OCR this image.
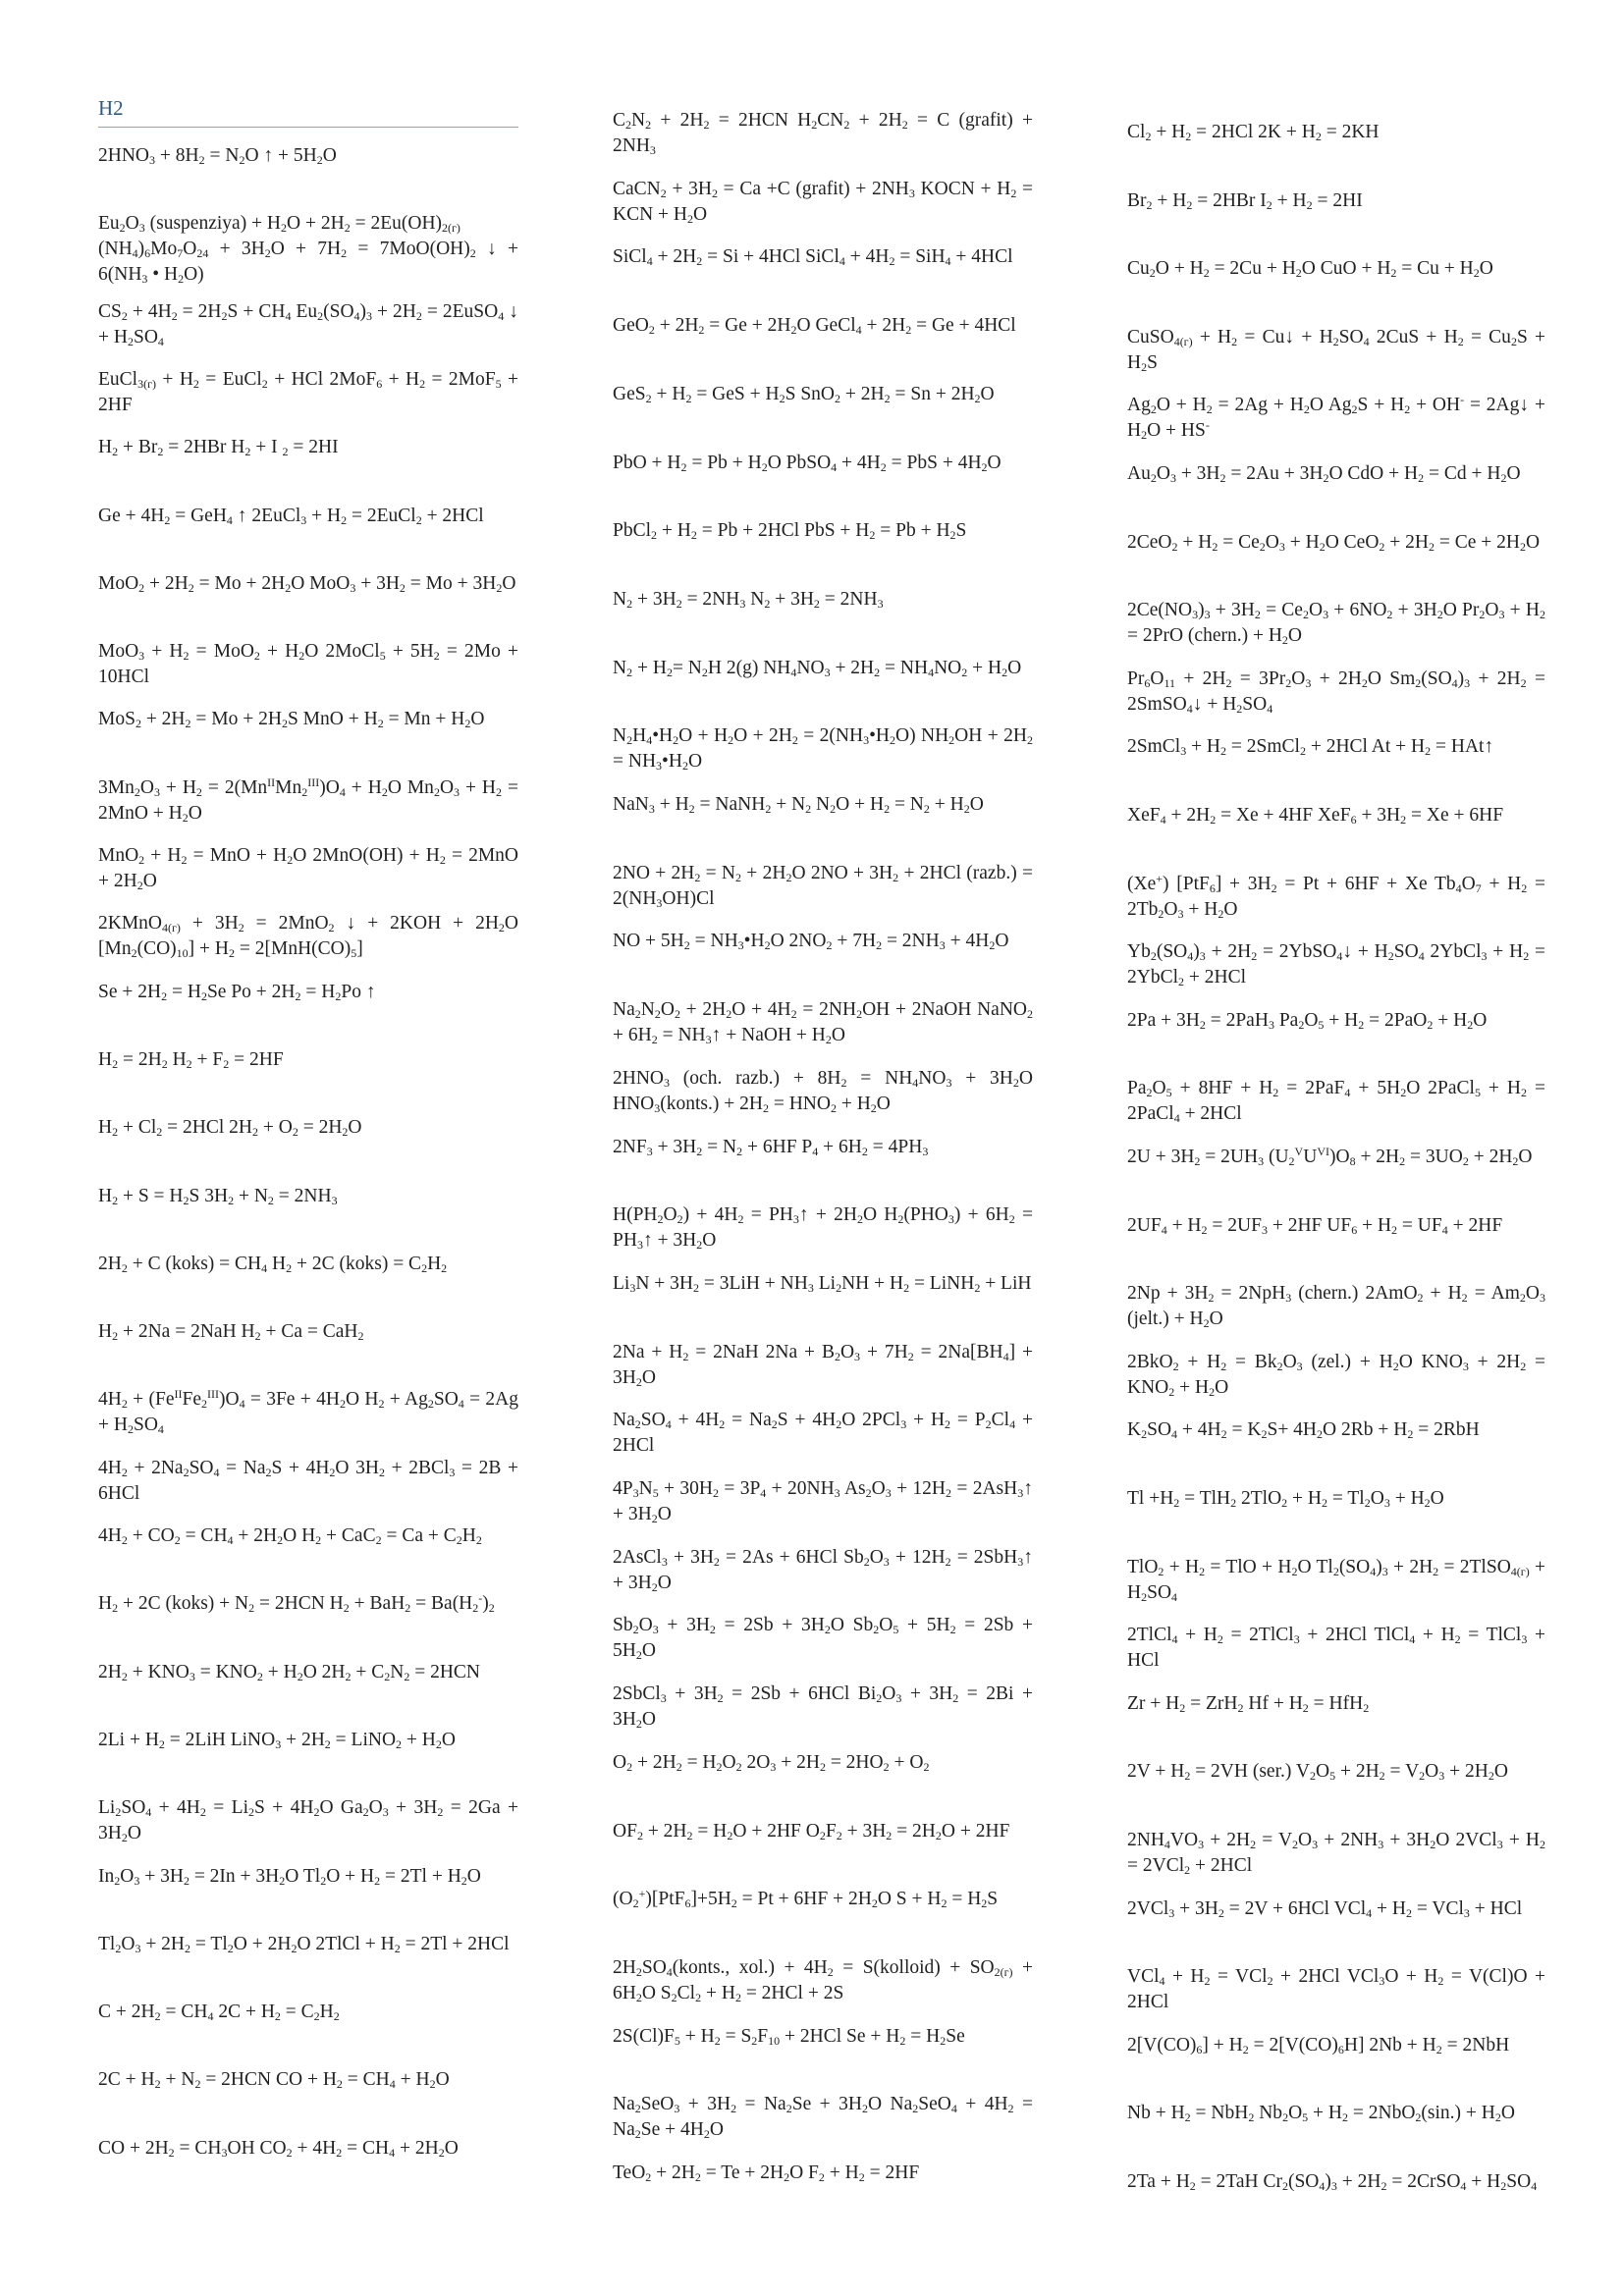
H2
$2HNO_3 + 8H_2 = N_2O$ ↑ + $5H_2O$
$Eu_2O_3$ (suspenziya) + $H_2O + 2H_2 = 2Eu(OH)_{2(г)}$
$(NH_4)_6Mo_7O_{24} + 3H_2O + 7H_2 = 7MoO(OH)_2$ ↓ + $6(NH_3$ • $H_2O$)
$CS_2 + 4H_2 = 2H_2S + CH_4$ $Eu_2(SO_4)_3 + 2H_2$ = 2EuSO$_4$ ↓ + $H_2SO_4$
EuCl$_{3(г)}$ + $H_2$ = EuCl$_2$ + HCl $2MoF_6 + H_2 = 2MoF_5 + 2HF$
$H_2 + Br_2 = 2HBr$ $H_2 + I$ $_2$ = 2HI
$Ge + 4H_2 = GeH_4$ ↑ 2EuCl$_3$ + $H_2$ = 2EuCl$_2$ + 2HCl
$MoO_2 + 2H_2 = Mo + 2H_2O$ $MoO_3 + 3H_2 = Mo + 3H_2O$
$MoO_3 + H_2 = MoO_2 + H_2O$ 2MoCl$_5$ + $5H_2 = 2Mo + 10HCl$
$MoS_2 + 2H_2 = Mo + 2H_2S$ MnO + $H_2 = Mn + H_2O$
$3Mn_2O_3 + H_2 = 2(Mn^{II}Mn_2^{III})O_4 + H_2O$ $Mn_2O_3 + H_2 = 2MnO + H_2O$
$MnO_2 + H_2$ = MnO + $H_2O$ $2MnO(OH) + H_2 = 2MnO + 2H_2O$
2KMnO$_{4(г)}$ + $3H_2 = 2MnO_2$ ↓ + $2KOH + 2H_2O$ $[Mn_2(CO)_{10}] + H_2 = 2[MnH(CO)_5]$
$Se + 2H_2 = H_2Se$ $Po + 2H_2 = H_2Po$ ↑
$H_2 = 2H_2$ $H_2 + F_2 = 2HF$
$H_2 + Cl_2 = 2HCl$ $2H_2 + O_2 = 2H_2O$
$H_2 + S = H_2S$ $3H_2 + N_2 = 2NH_3$
$2H_2 + C$ (koks) = $CH_4$ $H_2 + 2C$ (koks) = $C_2H_2$
$H_2 + 2Na = 2NaH$ $H_2 + Ca = CaH_2$
$4H_2 + (Fe^{II}Fe_2^{III})O_4 = 3Fe + 4H_2O$ $H_2 + Ag_2SO_4 = 2Ag + H_2SO_4$
$4H_2 + 2Na_2SO_4 = Na_2S + 4H_2O$ $3H_2 + 2BCl_3 = 2B + 6HCl$
$4H_2 + CO_2 = CH_4 + 2H_2O$ $H_2 + CaC_2 = Ca + C_2H_2$
$H_2 + 2C$ (koks) + $N_2 = 2HCN$ $H_2 + BaH_2 = Ba(H_2^-)_2$
$2H_2 + KNO_3 = KNO_2 + H_2O$ $2H_2 + C_2N_2 = 2HCN$
$2Li + H_2 = 2LiH$ LiNO$_3$ + $2H_2$ = LiNO$_2$ + $H_2O$
$Li_2SO_4 + 4H_2 = Li_2S + 4H_2O$ $Ga_2O_3 + 3H_2 = 2Ga + 3H_2O$
$In_2O_3 + 3H_2 = 2In + 3H_2O$ $Tl_2O + H_2 = 2Tl + H_2O$
$Tl_2O_3 + 2H_2 = Tl_2O + 2H_2O$ 2TlCl + $H_2 = 2Tl + 2HCl$
$C + 2H_2 = CH_4$ $2C + H_2 = C_2H_2$
$2C + H_2 + N_2 = 2HCN$ CO + $H_2 = CH_4 + H_2O$
CO + $2H_2 = CH_3OH$ $CO_2 + 4H_2 = CH_4 + 2H_2O$
$C_2N_2 + 2H_2 = 2HCN$ $H_2CN_2 + 2H_2 = C$ (grafit) + $2NH_3$
CaCN$_2$ + $3H_2 = Ca +C$ (grafit) + $2NH_3$ KOCN + $H_2$ = KCN + $H_2O$
SiCl$_4$ + $2H_2 = Si + 4HCl$ SiCl$_4$ + $4H_2 = SiH_4 + 4HCl$
$GeO_2 + 2H_2 = Ge + 2H_2O$ GeCl$_4$ + $2H_2 = Ge + 4HCl$
$GeS_2 + H_2$ = GeS + $H_2S$ $SnO_2 + 2H_2 = Sn + 2H_2O$
PbO + $H_2 = Pb + H_2O$ PbSO$_4$ + $4H_2$ = PbS + $4H_2O$
PbCl$_2$ + $H_2 = Pb + 2HCl$ PbS + $H_2 = Pb + H_2S$
$N_2 + 3H_2 = 2NH_3$ $N_2 + 3H_2 = 2NH_3$
$N_2 + H_2= N_2H$ 2(g) $NH_4NO_3 + 2H_2 = NH_4NO_2 + H_2O$
$N_2H_4•H_2O + H_2O + 2H_2$ = $2(NH_3•H_2O) NH_2OH + 2H_2$ = $NH_3•H_2O$
$NaN_3 + H_2$ = NaNH$_2$ + $N_2$ $N_2O + H_2 = N_2 + H_2O$
$2NO + 2H_2 = N_2 + 2H_2O$ $2NO + 3H_2 + 2HCl$ (razb.) = $2(NH_3OH)Cl$
NO + $5H_2$ = $NH_3•H_2O$ $2NO_2 + 7H_2 = 2NH_3 + 4H_2O$
$Na_2N_2O_2 + 2H_2O + 4H_2 = 2NH_2OH$ + 2NaOH NaNO$_2$ + $6H_2$ = $NH_3↑$ + NaOH + $H_2O$
$2HNO_3$ (och. razb.) + $8H_2 = NH_4NO_3 + 3H_2O$ $HNO_3(konts.) + 2H_2 = HNO_2 + H_2O$
$2NF_3 + 3H_2 = N_2 + 6HF$ $P_4 + 6H_2 = 4PH_3$
$H(PH_2O_2) + 4H_2$ = $PH_3↑ + 2H_2O$ $H_2(PHO_3) + 6H_2$ = $PH_3↑ + 3H_2O$
$Li_3N + 3H_2 = 3LiH + NH_3$ $Li_2NH + H_2$ = LiNH$_2$ + LiH
$2Na + H_2 = 2NaH$ $2Na + B_2O_3 + 7H_2 = 2Na[BH_4] + 3H_2O$
$Na_2SO_4 + 4H_2 = Na_2S + 4H_2O$ $2PCl_3 + H_2 = P_2Cl_4 + 2HCl$
$4P_3N_5 + 30H_2 = 3P_4 + 20NH_3$ $As_2O_3 + 12H_2$ = 2AsH$_3$↑ + $3H_2O$
2AsCl$_3$ + $3H_2 = 2As + 6HCl$ $Sb_2O_3 + 12H_2$ = 2SbH$_3$↑ + $3H_2O$
$Sb_2O_3 + 3H_2 = 2Sb + 3H_2O$ $Sb_2O_5 + 5H_2 = 2Sb + 5H_2O$
2SbCl$_3$ + $3H_2 = 2Sb + 6HCl$ $Bi_2O_3 + 3H_2 = 2Bi + 3H_2O$
$O_2 + 2H_2 = H_2O_2$ $2O_3 + 2H_2 = 2HO_2 + O_2$
$OF_2 + 2H_2 = H_2O + 2HF$ $O_2F_2 + 3H_2 = 2H_2O + 2HF$
$(O_2^+)[PtF_6]+5H_2 = Pt + 6HF + 2H_2O$ $S + H_2 = H_2S$
$2H_2SO_4(konts$., $xol.) + 4H_2$ = S(kolloid) + $SO_{2(г)} + 6H_2O$ $S_2Cl_2 + H_2 = 2HCl + 2S$
$2S(Cl)F_5 + H_2 = S_2F_{10} + 2HCl$ $Se + H_2 = H_2Se$
$Na_2SeO_3 + 3H_2 = Na_2Se + 3H_2O$ $Na_2SeO_4 + 4H_2 = Na_2Se + 4H_2O$
$TeO_2 + 2H_2 = Te + 2H_2O$ $F_2 + H_2 = 2HF$
$Cl_2 + H_2 = 2HCl$ $2K + H_2 = 2KH$
$Br_2 + H_2 = 2HBr$ $I_2 + H_2 = 2HI$
$Cu_2O + H_2 = 2Cu + H_2O$ CuO + $H_2 = Cu + H_2O$
CuSO$_{4(г)}$ + $H_2$ = Cu↓ + $H_2SO_4$ $2CuS + H_2 = Cu_2S + H_2S$
$Ag_2O + H_2 = 2Ag + H_2O$ $Ag_2S + H_2 + OH^-$ = 2Ag↓ + $H_2O + HS^-$
$Au_2O_3 + 3H_2 = 2Au + 3H_2O$ CdO + $H_2 = Cd + H_2O$
$2CeO_2 + H_2 = Ce_2O_3 + H_2O$ $CeO_2 + 2H_2 = Ce + 2H_2O$
$2Ce(NO_3)_3 + 3H_2 = Ce_2O_3 + 6NO_2 + 3H_2O$ $Pr_2O_3 + H_2 = 2PrO$ (chern.) + $H_2O$
$Pr_6O_{11} + 2H_2 = 3Pr_2O_3 + 2H_2O$ $Sm_2(SO_4)_3 + 2H_2$ = 2SmSO$_4$↓ + $H_2SO_4$
2SmCl$_3$ + $H_2$ = 2SmCl$_2$ + 2HCl $At + H_2$ = HAt↑
$XeF_4 + 2H_2 = Xe + 4HF$ $XeF_6 + 3H_2 = Xe + 6HF$
(Xe+) $[PtF_6] + 3H_2 = Pt + 6HF + Xe$ $Tb_4O_7 + H_2 = 2Tb_2O_3 + H_2O$
$Yb_2(SO_4)_3 + 2H_2$ = 2YbSO$_4$↓ + $H_2SO_4$ 2YbCl$_3$ + $H_2$ = 2YbCl$_2$ + 2HCl
$2Pa + 3H_2 = 2PaH_3$ $Pa_2O_5 + H_2 = 2PaO_2 + H_2O$
$Pa_2O_5 + 8HF + H_2 = 2PaF_4 + 5H_2O$ 2PaCl$_5$ + $H_2$ = 2PaCl$_4$ + 2HCl
$2U + 3H_2 = 2UH_3$ $(U_2^VU^{VI})O_8 + 2H_2 = 3UO_2 + 2H_2O$
$2UF_4 + H_2 = 2UF_3 + 2HF$ $UF_6 + H_2 = UF_4 + 2HF$
$2Np + 3H_2 = 2NpH_3$ (chern.) $2AmO_2 + H_2 = Am_2O_3$ (jelt.) + $H_2O$
$2BkO_2 + H_2 = Bk_2O_3$ $(zel.) + H_2O$ $KNO_3 + 2H_2 = KNO_2 + H_2O$
$K_2SO_4 + 4H_2 = K_2S+ 4H_2O$ $2Rb + H_2 = 2RbH$
$Tl +H_2 = TlH_2$ $2TlO_2 + H_2 = Tl_2O_3 + H_2O$
$TlO_2 + H_2$ = TlO + $H_2O$ $Tl_2(SO_4)_3 + 2H_2$ = 2TlSO$_{4(г)}$ + $H_2SO_4$
2TlCl$_4$ + $H_2$ = 2TlCl$_3$ + 2HCl TlCl$_4$ + $H_2$ = TlCl$_3$ + HCl
$Zr + H_2 = ZrH_2$ $Hf + H_2 = HfH_2$
$2V + H_2 = 2VH$ (ser.) $V_2O_5 + 2H_2 = V_2O_3 + 2H_2O$
$2NH_4VO_3 + 2H_2 = V_2O_3 + 2NH_3 + 3H_2O$ $2VCl_3 + H_2 = 2VCl_2 + 2HCl$
$2VCl_3 + 3H_2 = 2V + 6HCl$ $VCl_4 + H_2 = VCl_3$ + HCl
$VCl_4 + H_2 = VCl_2 + 2HCl$ $VCl_3O + H_2 = V(Cl)O + 2HCl$
$2[V(CO)_6] + H_2 = 2[V(CO)_6H] 2Nb + H_2 = 2NbH$
$Nb + H_2 = NbH_2$ $Nb_2O_5 + H_2 = 2NbO_2(\sin.) + H_2O$
$2Ta + H_2 = 2TaH$ $Cr_2(SO_4)_3 + 2H_2$ = 2CrSO$_4$ + $H_2SO_4$
